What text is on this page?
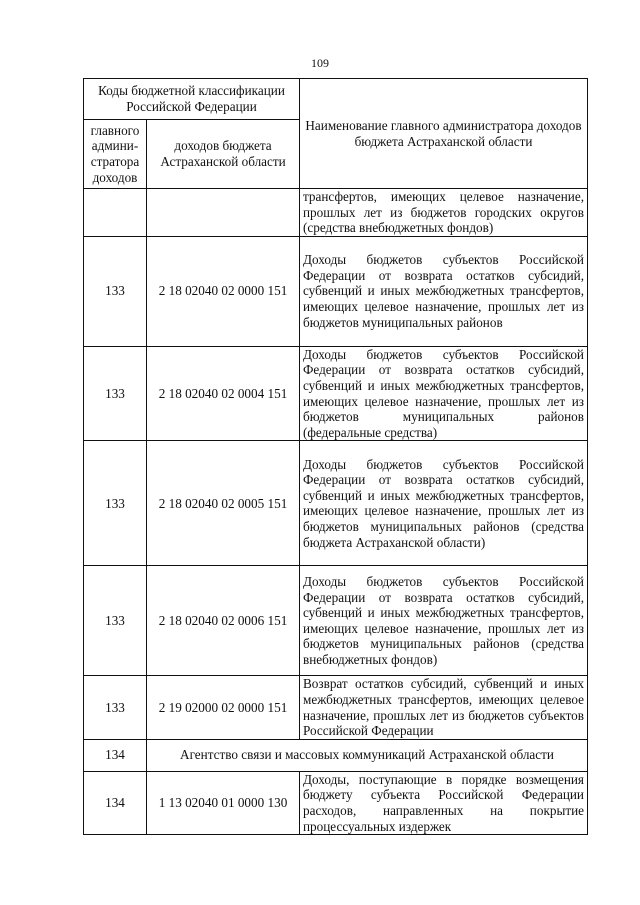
109
Коды бюджетной классификации Российской Федерации		Наименование главного администратора доходов бюджета Астраханской области
главного админи-стратора доходов	доходов бюджета Астраханской области	
		трансфертов, имеющих целевое назначение, прошлых лет из бюджетов городских округов (средства внебюджетных фондов)
133	2 18 02040 02 0000 151	Доходы бюджетов субъектов Российской Федерации от возврата остатков субсидий, субвенций и иных межбюджетных трансфертов, имеющих целевое назначение, прошлых лет из бюджетов муниципальных районов
133	2 18 02040 02 0004 151	Доходы бюджетов субъектов Российской Федерации от возврата остатков субсидий, субвенций и иных межбюджетных трансфертов, имеющих целевое назначение, прошлых лет из бюджетов муниципальных районов (федеральные средства)
133	2 18 02040 02 0005 151	Доходы бюджетов субъектов Российской Федерации от возврата остатков субсидий, субвенций и иных межбюджетных трансфертов, имеющих целевое назначение, прошлых лет из бюджетов муниципальных районов (средства бюджета Астраханской области)
133	2 18 02040 02 0006 151	Доходы бюджетов субъектов Российской Федерации от возврата остатков субсидий, субвенций и иных межбюджетных трансфертов, имеющих целевое назначение, прошлых лет из бюджетов муниципальных районов (средства внебюджетных фондов)
133	2 19 02000 02 0000 151	Возврат остатков субсидий, субвенций и иных межбюджетных трансфертов, имеющих целевое назначение, прошлых лет из бюджетов субъектов Российской Федерации
134	Агентство связи и массовых коммуникаций Астраханской области	
134	1 13 02040 01 0000 130	Доходы, поступающие в порядке возмещения бюджету субъекта Российской Федерации расходов, направленных на покрытие процессуальных издержек
